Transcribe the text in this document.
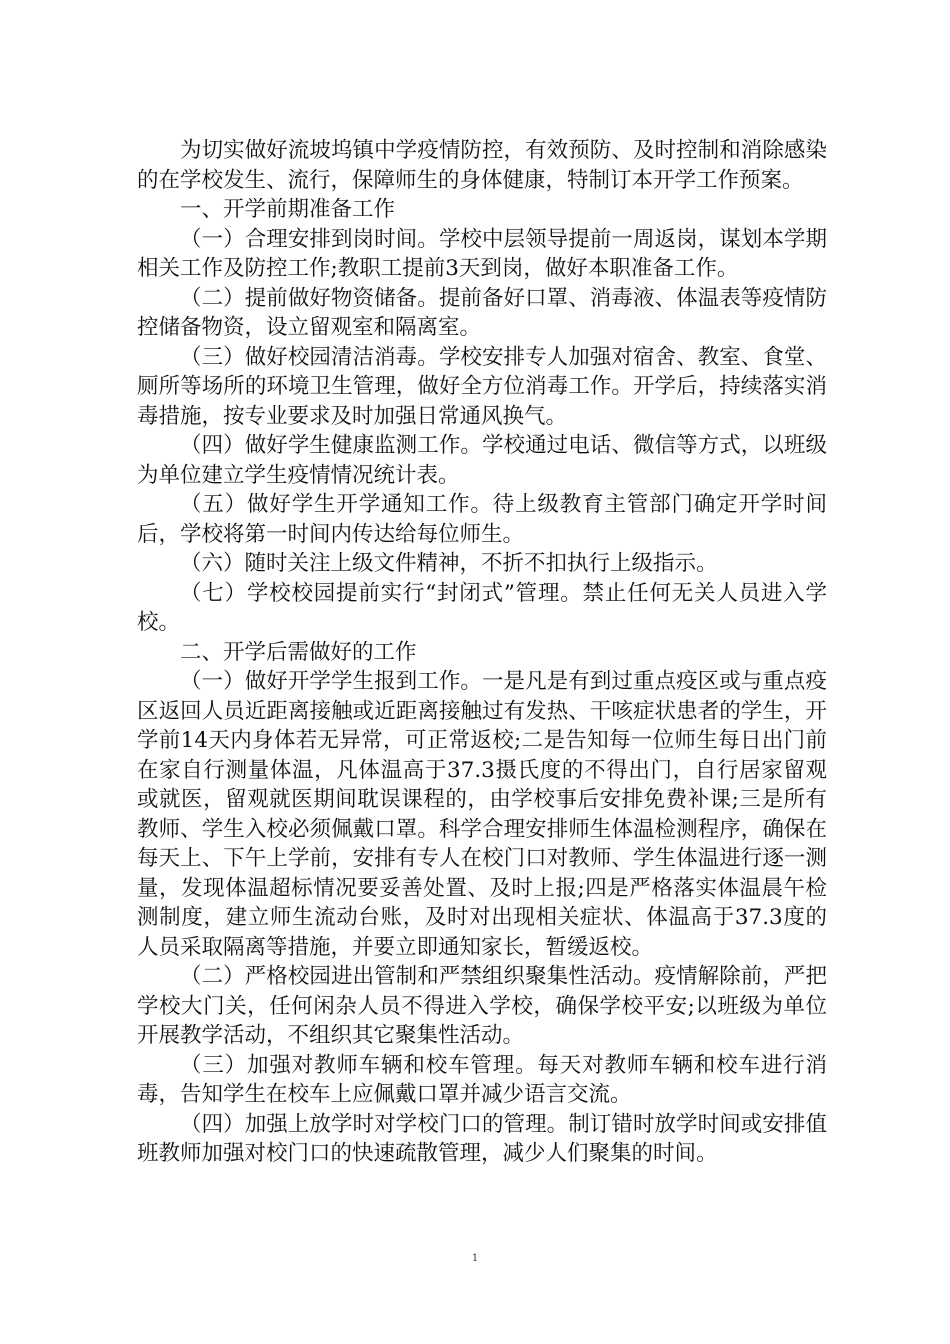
为切实做好流坡坞镇中学疫情防控，有效预防、及时控制和消除感染的在学校发生、流行，保障师生的身体健康，特制订本开学工作预案。

一、开学前期准备工作

（一）合理安排到岗时间。学校中层领导提前一周返岗，谋划本学期相关工作及防控工作;教职工提前3天到岗，做好本职准备工作。

（二）提前做好物资储备。提前备好口罩、消毒液、体温表等疫情防控储备物资，设立留观室和隔离室。

（三）做好校园清洁消毒。学校安排专人加强对宿舍、教室、食堂、厕所等场所的环境卫生管理，做好全方位消毒工作。开学后，持续落实消毒措施，按专业要求及时加强日常通风换气。

（四）做好学生健康监测工作。学校通过电话、微信等方式，以班级为单位建立学生疫情情况统计表。

（五）做好学生开学通知工作。待上级教育主管部门确定开学时间后，学校将第一时间内传达给每位师生。

（六）随时关注上级文件精神，不折不扣执行上级指示。

（七）学校校园提前实行“封闭式”管理。禁止任何无关人员进入学校。

二、开学后需做好的工作

（一）做好开学学生报到工作。一是凡是有到过重点疫区或与重点疫区返回人员近距离接触或近距离接触过有发热、干咳症状患者的学生，开学前14天内身体若无异常，可正常返校;二是告知每一位师生每日出门前在家自行测量体温，凡体温高于37.3摄氏度的不得出门，自行居家留观或就医，留观就医期间耽误课程的，由学校事后安排免费补课;三是所有教师、学生入校必须佩戴口罩。科学合理安排师生体温检测程序，确保在每天上、下午上学前，安排有专人在校门口对教师、学生体温进行逐一测量，发现体温超标情况要妥善处置、及时上报;四是严格落实体温晨午检测制度，建立师生流动台账，及时对出现相关症状、体温高于37.3度的人员采取隔离等措施，并要立即通知家长，暂缓返校。

（二）严格校园进出管制和严禁组织聚集性活动。疫情解除前，严把学校大门关，任何闲杂人员不得进入学校，确保学校平安;以班级为单位开展教学活动，不组织其它聚集性活动。

（三）加强对教师车辆和校车管理。每天对教师车辆和校车进行消毒，告知学生在校车上应佩戴口罩并减少语言交流。

（四）加强上放学时对学校门口的管理。制订错时放学时间或安排值班教师加强对校门口的快速疏散管理，减少人们聚集的时间。

1
